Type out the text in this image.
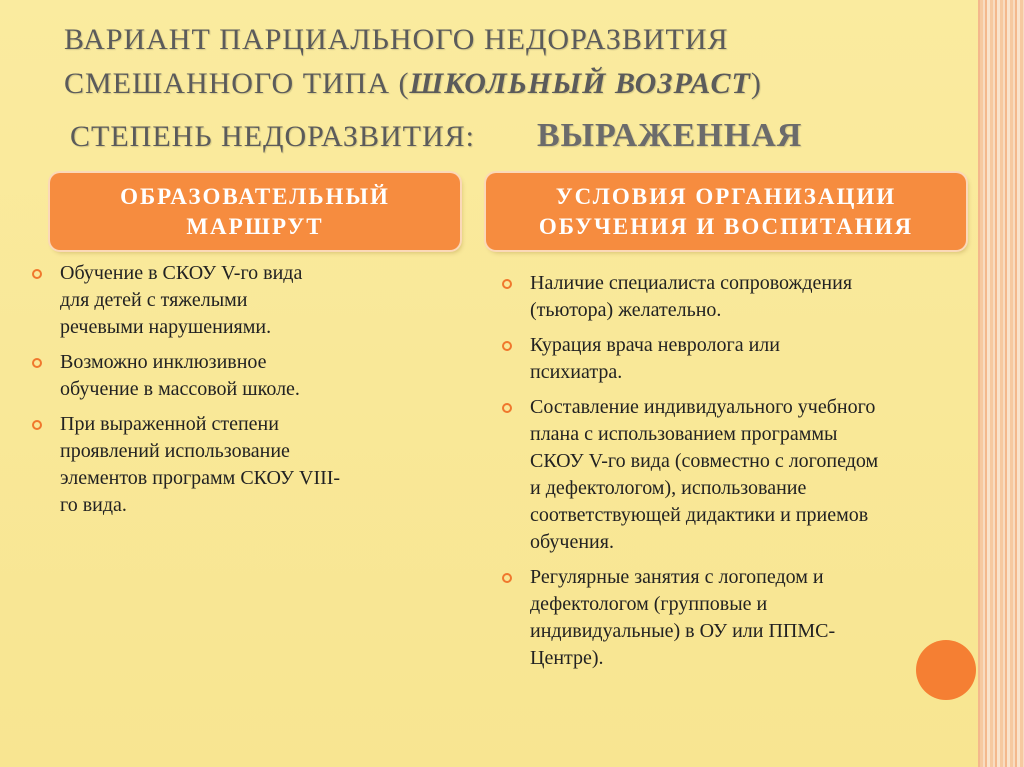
ВАРИАНТ ПАРЦИАЛЬНОГО НЕДОРАЗВИТИЯ
СМЕШАННОГО ТИПА (ШКОЛЬНЫЙ ВОЗРАСТ)
СТЕПЕНЬ НЕДОРАЗВИТИЯ: ВЫРАЖЕННАЯ
ОБРАЗОВАТЕЛЬНЫЙ
МАРШРУТ
УСЛОВИЯ ОРГАНИЗАЦИИ
ОБУЧЕНИЯ И ВОСПИТАНИЯ
Обучение в СКОУ V-го вида
для детей с тяжелыми
речевыми нарушениями.
Возможно инклюзивное
обучение в массовой школе.
При выраженной степени
проявлений использование
элементов программ СКОУ VIII-
го вида.
Наличие специалиста сопровождения
(тьютора) желательно.
Курация врача невролога или
психиатра.
Составление индивидуального учебного
плана с использованием программы
СКОУ V-го вида (совместно с логопедом
и дефектологом), использование
соответствующей дидактики и приемов
обучения.
Регулярные занятия с логопедом и
дефектологом (групповые и
индивидуальные) в ОУ или ППМС-
Центре).
